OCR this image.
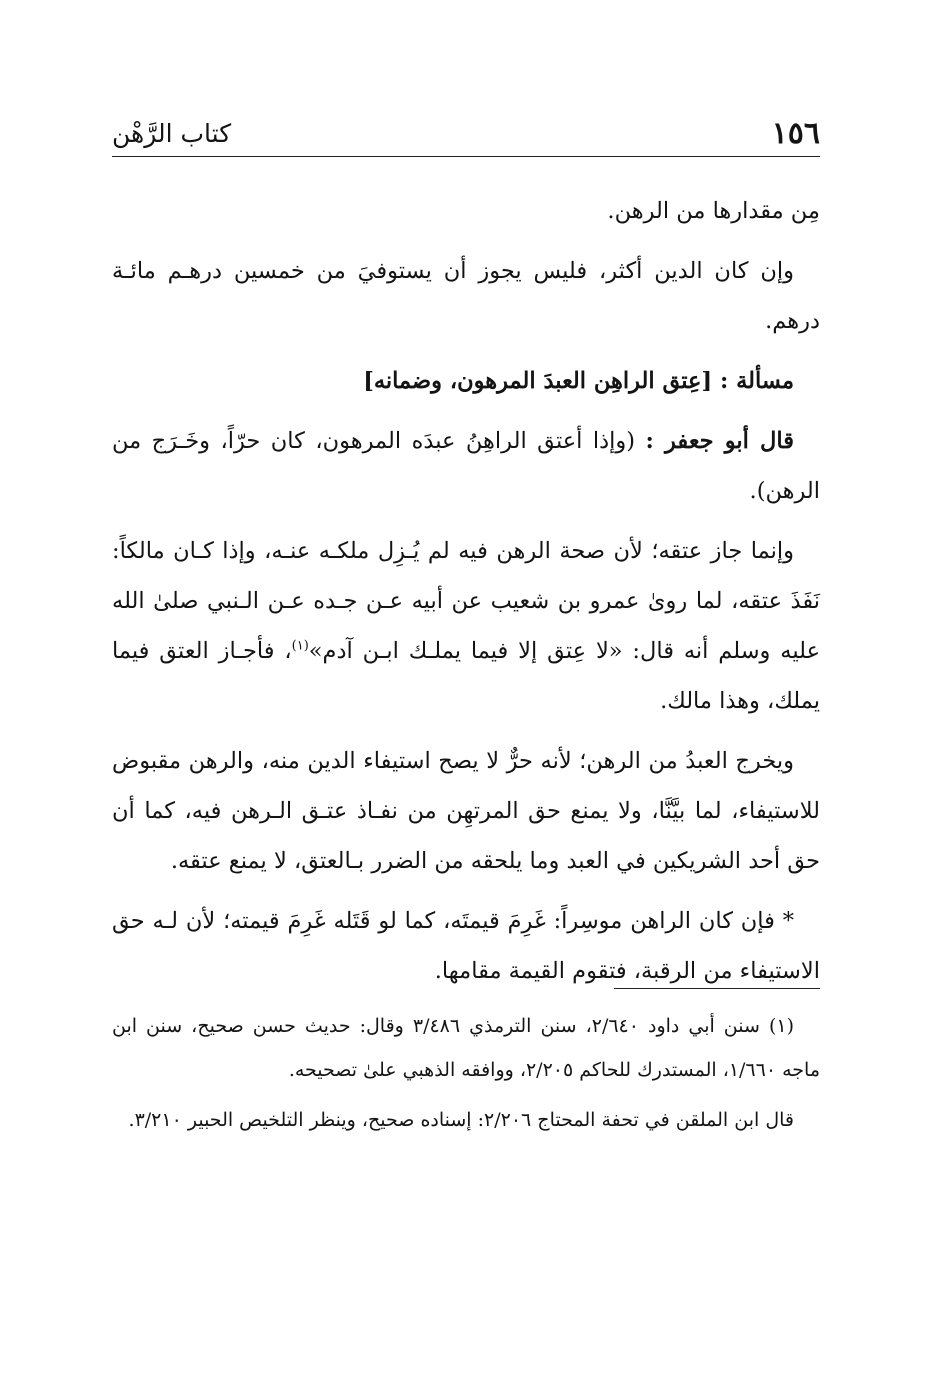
١٥٦
كتاب الرَّهْن

مِن مقدارها من الرهن.

وإن كان الدين أكثر، فليس يجوز أن يستوفيَ من خمسين درهـم مائـة درهم.

مسألة : [عِتق الراهِن العبدَ المرهون، وضمانه]

قال أبو جعفر : (وإذا أعتق الراهِنُ عبدَه المرهون، كان حرّاً، وخَـرَج من الرهن).

وإنما جاز عتقه؛ لأن صحة الرهن فيه لم يُـزِل ملكـه عنـه، وإذا كـان مالكاً: نَفَذَ عتقه، لما روىٰ عمرو بن شعيب عن أبيه عـن جـده عـن الـنبي صلىٰ الله عليه وسلم أنه قال: «لا عِتق إلا فيما يملـك ابـن آدم»$^{(١)}$، فأجـاز العتق فيما يملك، وهذا مالك.

ويخرج العبدُ من الرهن؛ لأنه حرٌّ لا يصح استيفاء الدين منه، والرهن مقبوض للاستيفاء، لما بيَّنَّا، ولا يمنع حق المرتهِن من نفـاذ عتـق الـرهن فيه، كما أن حق أحد الشريكين في العبد وما يلحقه من الضرر بـالعتق، لا يمنع عتقه.

* فإن كان الراهن موسِراً: غَرِمَ قيمتَه، كما لو قَتَله غَرِمَ قيمته؛ لأن لـه حق الاستيفاء من الرقبة، فتقوم القيمة مقامها.

(١) سنن أبي داود ٢/٦٤٠، سنن الترمذي ٣/٤٨٦ وقال: حديث حسن صحيح، سنن ابن ماجه ١/٦٦٠، المستدرك للحاكم ٢/٢٠٥، ووافقه الذهبي علىٰ تصحيحه.

قال ابن الملقن في تحفة المحتاج ٢/٢٠٦: إسناده صحيح، وينظر التلخيص الحبير ٣/٢١٠.
